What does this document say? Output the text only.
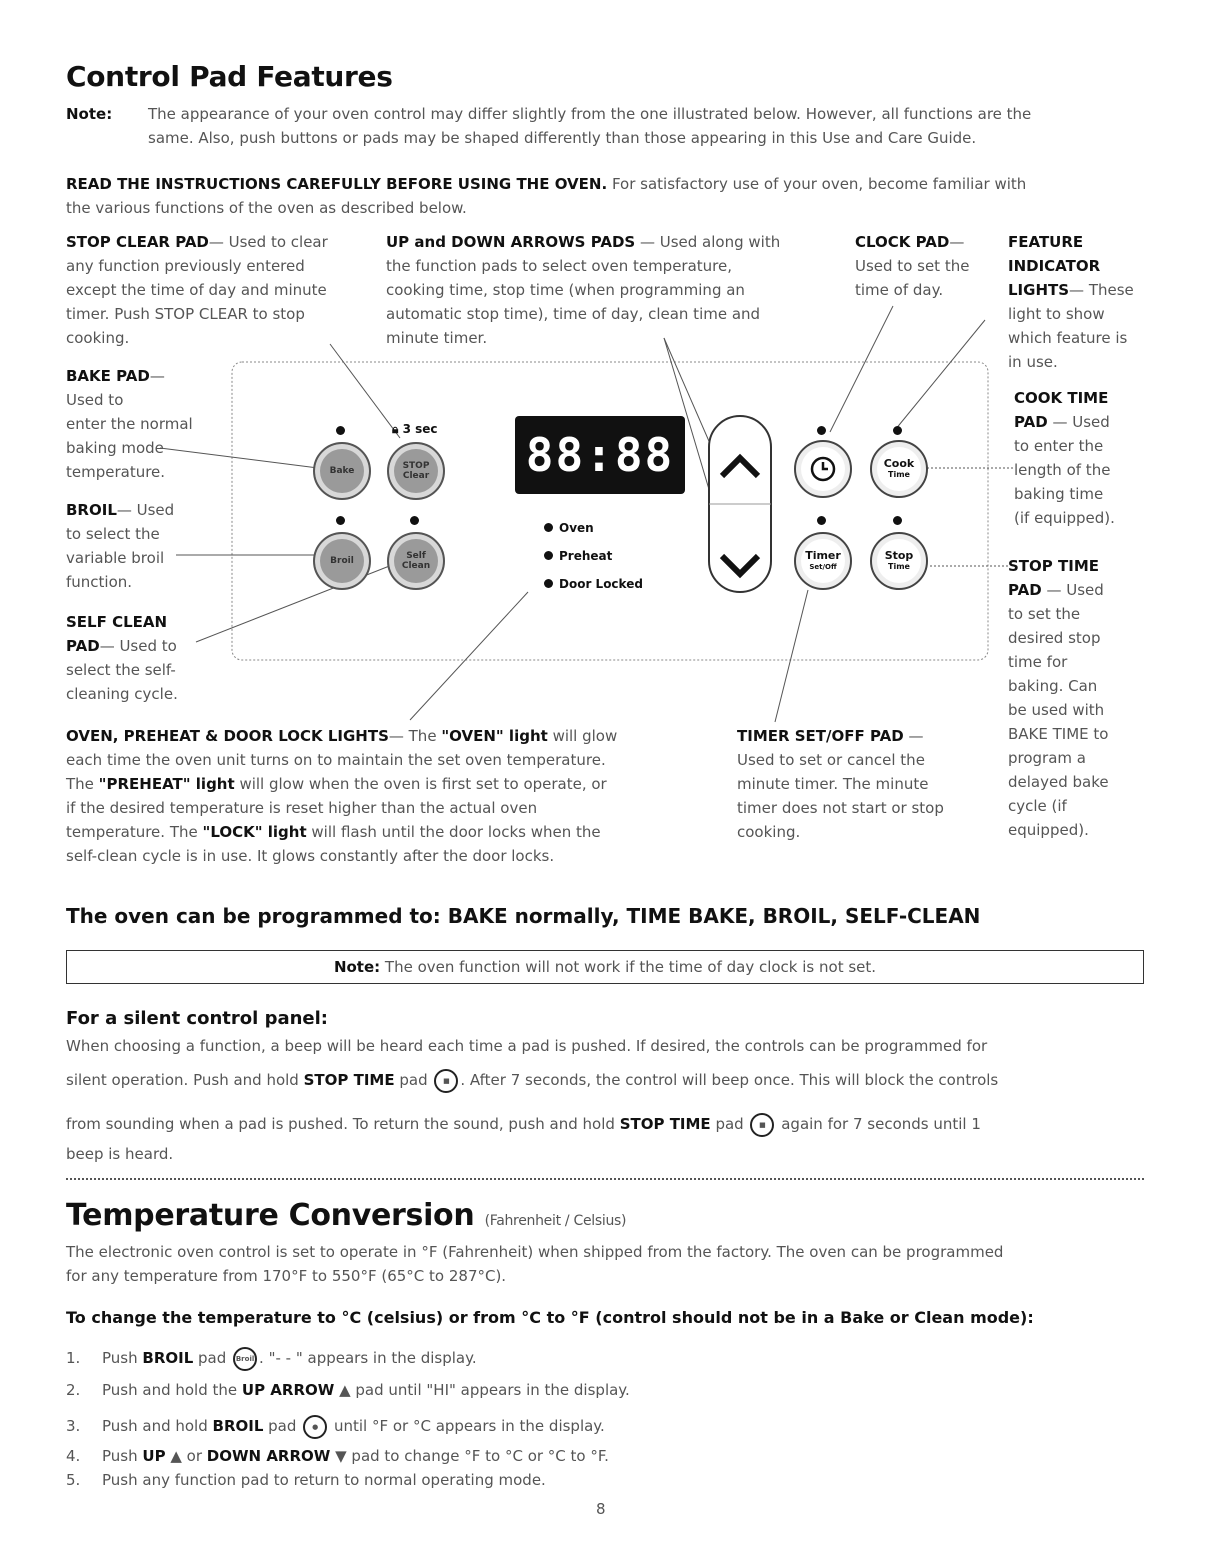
Control Pad Features
Note: The appearance of your oven control may differ slightly from the one illustrated below. However, all functions are the
same. Also, push buttons or pads may be shaped differently than those appearing in this Use and Care Guide.
READ THE INSTRUCTIONS CAREFULLY BEFORE USING THE OVEN. For satisfactory use of your oven, become familiar with
the various functions of the oven as described below.
STOP CLEAR PAD— Used to clear
any function previously entered
except the time of day and minute
timer. Push STOP CLEAR to stop
cooking.
UP and DOWN ARROWS PADS — Used along with
the function pads to select oven temperature,
cooking time, stop time (when programming an
automatic stop time), time of day, clean time and
minute timer.
CLOCK PAD—
Used to set the
time of day.
FEATURE
INDICATOR
LIGHTS— These
light to show
which feature is
in use.
BAKE PAD—
Used to
enter the normal
baking mode
temperature.
BROIL— Used
to select the
variable broil
function.
SELF CLEAN
PAD— Used to
select the self-
cleaning cycle.
COOK TIME
PAD — Used
to enter the
length of the
baking time
(if equipped).
STOP TIME
PAD — Used
to set the
desired stop
time for
baking. Can
be used with
BAKE TIME to
program a
delayed bake
cycle (if
equipped).
88:88
🔒︎ 3 sec
Bake	STOP
Clear
Broil	Self
Clean
Cook
Time
Timer
Set/Off
Stop
Time
Oven
Preheat
Door Locked
OVEN, PREHEAT & DOOR LOCK LIGHTS— The "OVEN" light will glow
each time the oven unit turns on to maintain the set oven temperature.
The "PREHEAT" light will glow when the oven is first set to operate, or
if the desired temperature is reset higher than the actual oven
temperature. The "LOCK" light will flash until the door locks when the
self-clean cycle is in use. It glows constantly after the door locks.
TIMER SET/OFF PAD —
Used to set or cancel the
minute timer. The minute
timer does not start or stop
cooking.
The oven can be programmed to: BAKE normally, TIME BAKE, BROIL, SELF-CLEAN
Note: The oven function will not work if the time of day clock is not set.
For a silent control panel:
When choosing a function, a beep will be heard each time a pad is pushed. If desired, the controls can be programmed for
silent operation. Push and hold STOP TIME pad
■ . After 7 seconds, the control will beep once. This will block the controls
from sounding when a pad is pushed. To return the sound, push and hold STOP TIME pad ■ again for 7 seconds until 1
beep is heard.
Temperature Conversion (Fahrenheit / Celsius)
The electronic oven control is set to operate in °F (Fahrenheit) when shipped from the factory. The oven can be programmed
for any temperature from 170°F to 550°F (65°C to 287°C).
To change the temperature to °C (celsius) or from °C to °F (control should not be in a Bake or Clean mode):
1. Push BROIL pad Broil . "- - " appears in the display.
2. Push and hold the UP ARROW ▲ pad until "HI" appears in the display.
3. Push and hold BROIL pad ● until °F or °C appears in the display.
4. Push UP ▲ or DOWN ARROW ▼ pad to change °F to °C or °C to °F.
5. Push any function pad to return to normal operating mode.
8
